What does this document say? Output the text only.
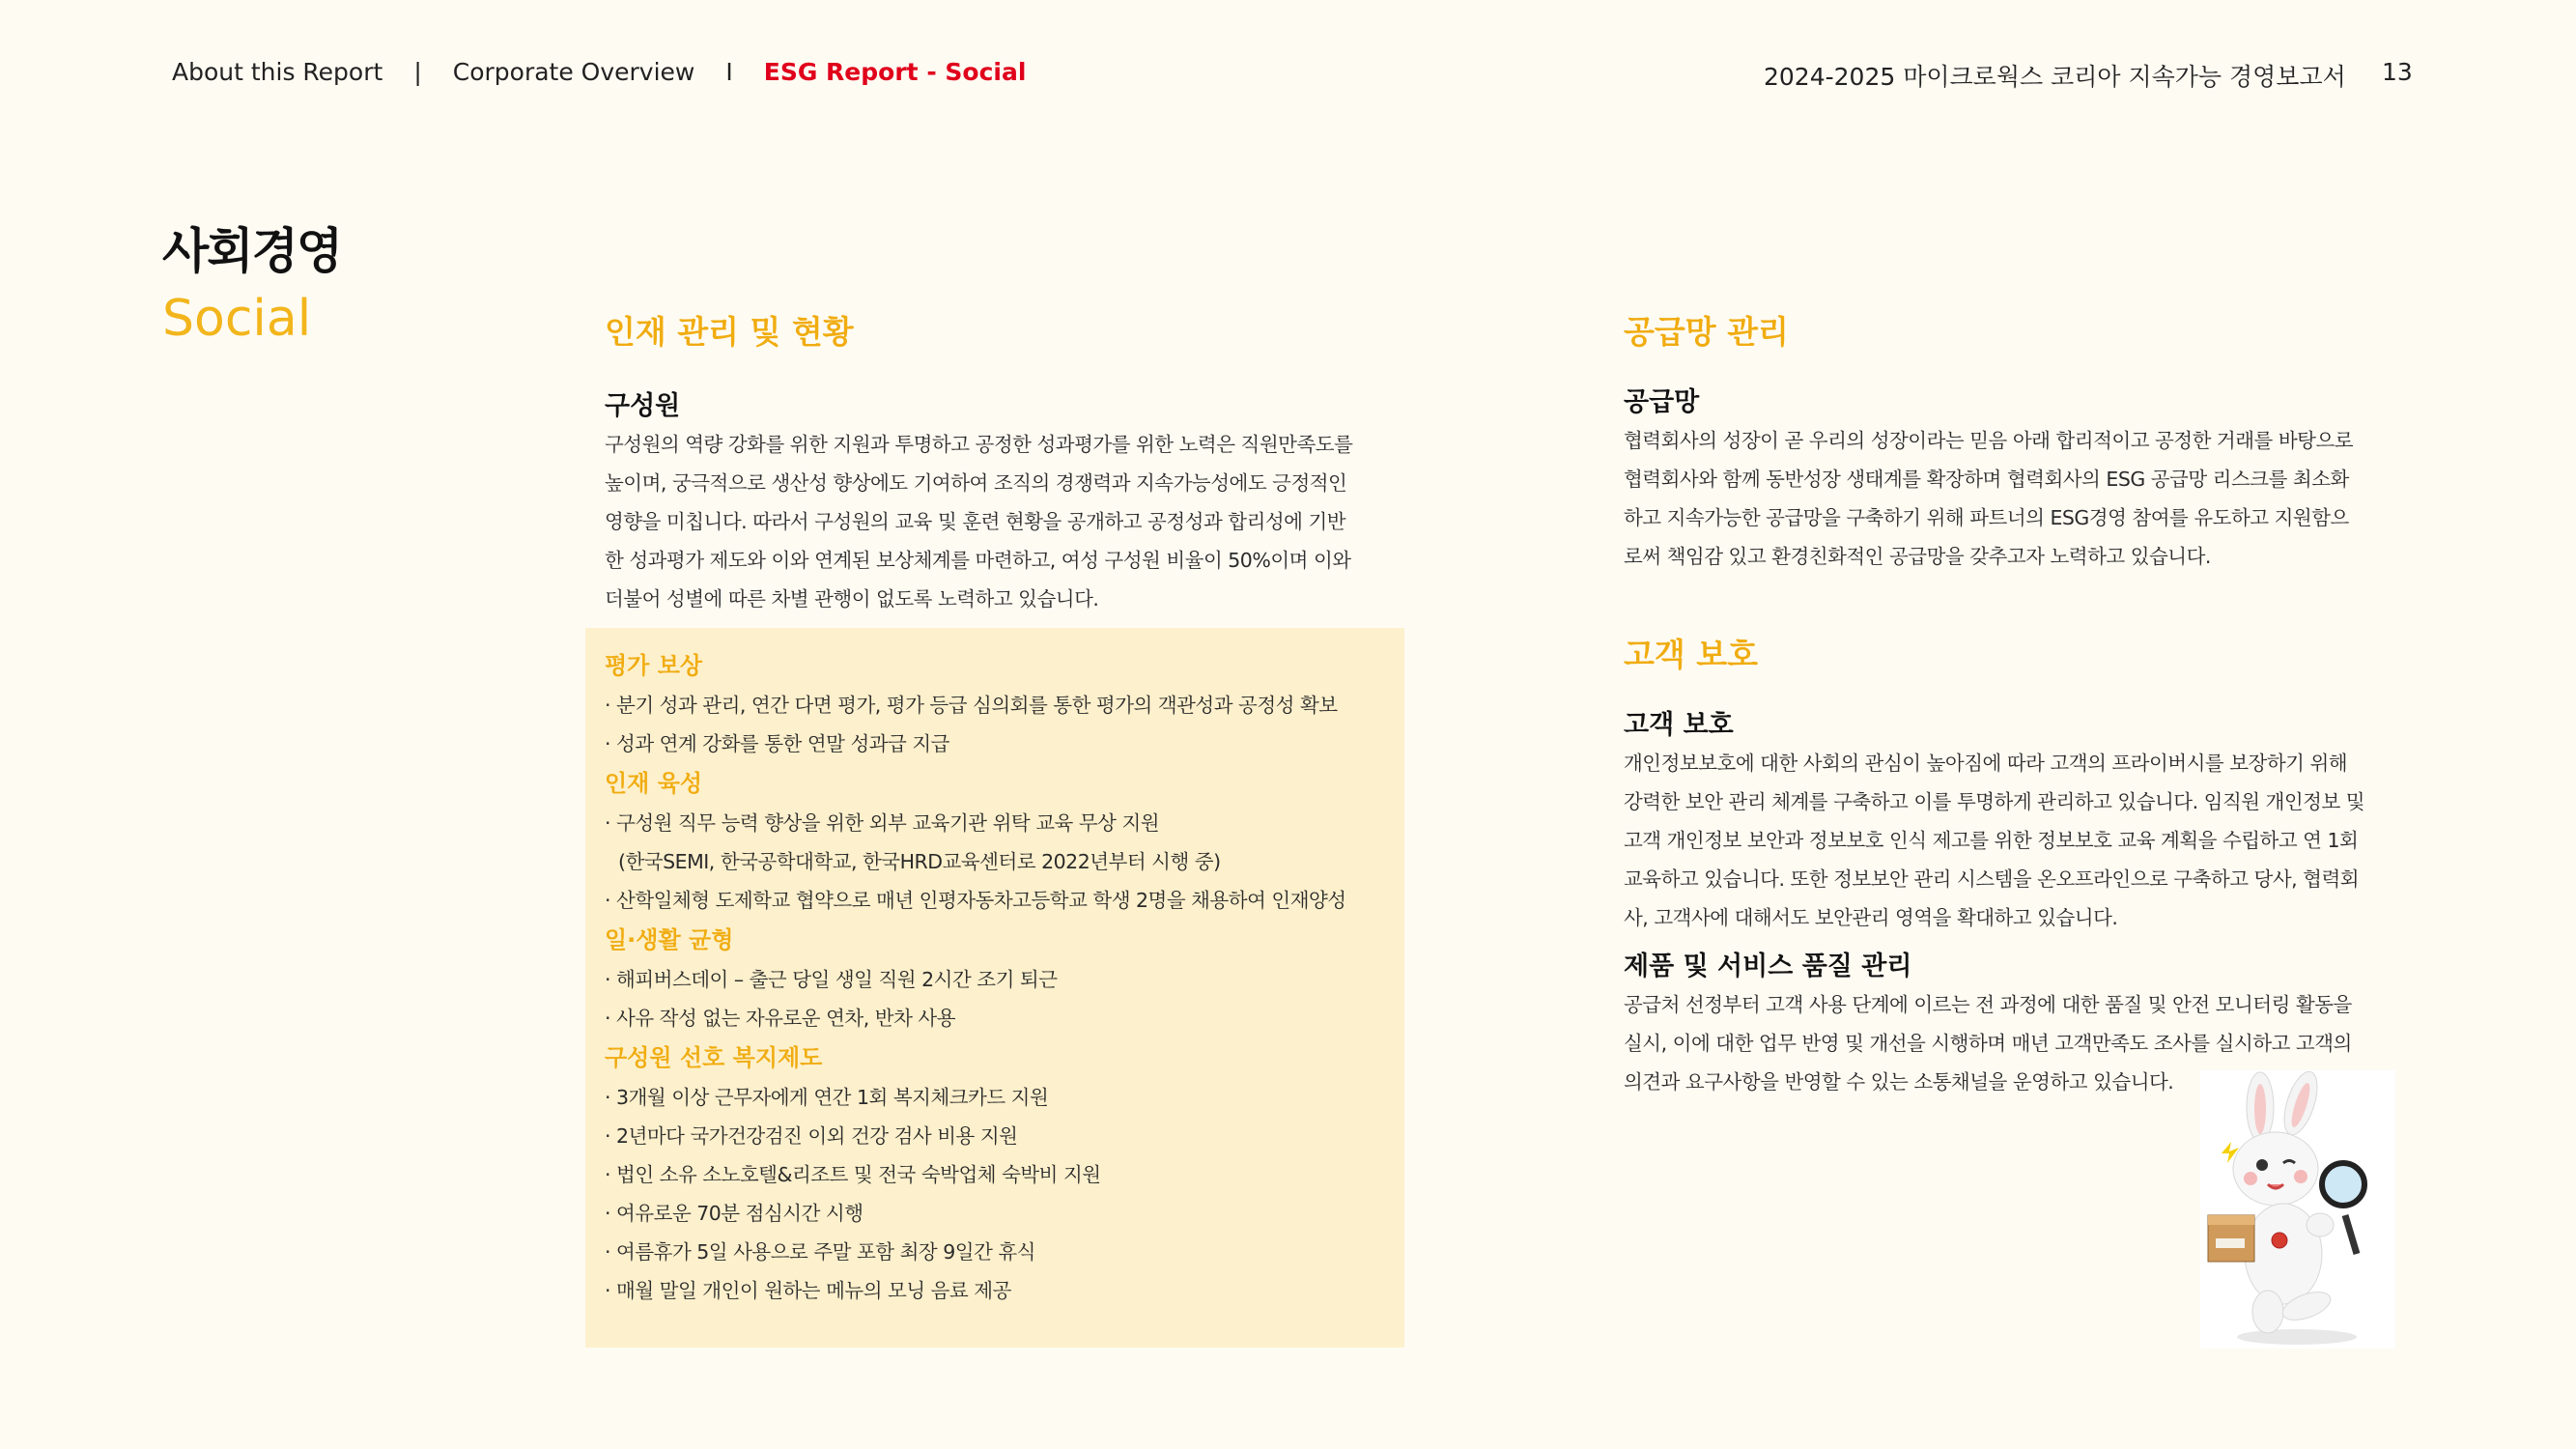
About this Report | Corporate Overview I ESG Report - Social	2024-2025 마이크로웍스 코리아 지속가능 경영보고서 13
사회경영
Social	인재 관리 및 현황
구성원

구성원의 역량 강화를 위한 지원과 투명하고 공정한 성과평가를 위한 노력은 직원만족도를

높이며, 궁극적으로 생산성 향상에도 기여하여 조직의 경쟁력과 지속가능성에도 긍정적인

영향을 미칩니다. 따라서 구성원의 교육 및 훈련 현황을 공개하고 공정성과 합리성에 기반

한 성과평가 제도와 이와 연계된 보상체계를 마련하고, 여성 구성원 비율이 50%이며 이와

더불어 성별에 따른 차별 관행이 없도록 노력하고 있습니다.

평가 보상
· 분기 성과 관리, 연간 다면 평가, 평가 등급 심의회를 통한 평가의 객관성과 공정성 확보
· 성과 연계 강화를 통한 연말 성과급 지급
인재 육성
· 구성원 직무 능력 향상을 위한 외부 교육기관 위탁 교육 무상 지원
(한국SEMI, 한국공학대학교, 한국HRD교육센터로 2022년부터 시행 중)
· 산학일체형 도제학교 협약으로 매년 인평자동차고등학교 학생 2명을 채용하여 인재양성
일·생활 균형
· 해피버스데이 – 출근 당일 생일 직원 2시간 조기 퇴근
· 사유 작성 없는 자유로운 연차, 반차 사용
구성원 선호 복지제도
· 3개월 이상 근무자에게 연간 1회 복지체크카드 지원
· 2년마다 국가건강검진 이외 건강 검사 비용 지원
· 법인 소유 소노호텔&리조트 및 전국 숙박업체 숙박비 지원
· 여유로운 70분 점심시간 시행
· 여름휴가 5일 사용으로 주말 포함 최장 9일간 휴식
· 매월 말일 개인이 원하는 메뉴의 모닝 음료 제공
공급망 관리
공급망

협력회사의 성장이 곧 우리의 성장이라는 믿음 아래 합리적이고 공정한 거래를 바탕으로

협력회사와 함께 동반성장 생태계를 확장하며 협력회사의 ESG 공급망 리스크를 최소화

하고 지속가능한 공급망을 구축하기 위해 파트너의 ESG경영 참여를 유도하고 지원함으

로써 책임감 있고 환경친화적인 공급망을 갖추고자 노력하고 있습니다.

고객 보호
고객 보호

개인정보보호에 대한 사회의 관심이 높아짐에 따라 고객의 프라이버시를 보장하기 위해

강력한 보안 관리 체계를 구축하고 이를 투명하게 관리하고 있습니다. 임직원 개인정보 및

고객 개인정보 보안과 정보보호 인식 제고를 위한 정보보호 교육 계획을 수립하고 연 1회

교육하고 있습니다. 또한 정보보안 관리 시스템을 온오프라인으로 구축하고 당사, 협력회

사, 고객사에 대해서도 보안관리 영역을 확대하고 있습니다.

제품 및 서비스 품질 관리

공급처 선정부터 고객 사용 단계에 이르는 전 과정에 대한 품질 및 안전 모니터링 활동을

실시, 이에 대한 업무 반영 및 개선을 시행하며 매년 고객만족도 조사를 실시하고 고객의

의견과 요구사항을 반영할 수 있는 소통채널을 운영하고 있습니다.
